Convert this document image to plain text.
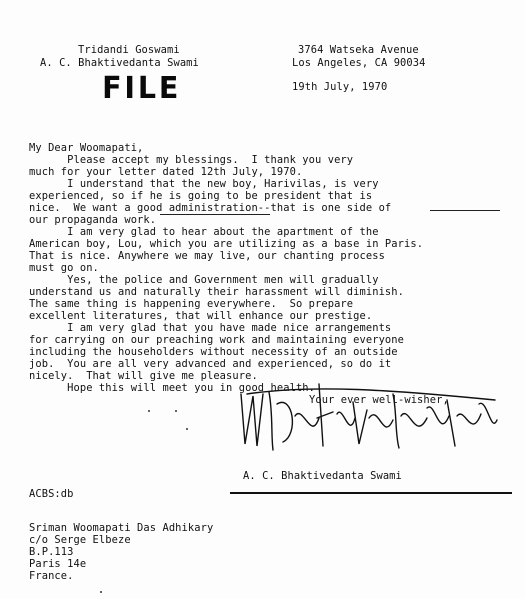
Tridandi Goswami
A. C. Bhaktivedanta Swami
3764 Watseka Avenue
Los Angeles, CA 90034
FILE	19th July, 1970
My Dear Woomapati,
Please accept my blessings.  I thank you very
much for your letter dated 12th July, 1970.
I understand that the new boy, Harivilas, is very
experienced, so if he is going to be president that is
nice.  We want a good administration--that is one side of
our propaganda work.
I am very glad to hear about the apartment of the
American boy, Lou, which you are utilizing as a base in Paris.
That is nice. Anywhere we may live, our chanting process
must go on.
Yes, the police and Government men will gradually
understand us and naturally their harassment will diminish.
The same thing is happening everywhere.  So prepare
excellent literatures, that will enhance our prestige.
I am very glad that you have made nice arrangements
for carrying on our preaching work and maintaining everyone
including the householders without necessity of an outside
job.  You are all very advanced and experienced, so do it
nicely.  That will give me pleasure.
Hope this will meet you in good health.
Your ever well-wisher,
A. C. Bhaktivedanta Swami
ACBS:db
Sriman Woomapati Das Adhikary
c/o Serge Elbeze
B.P.113
Paris 14e
France.
